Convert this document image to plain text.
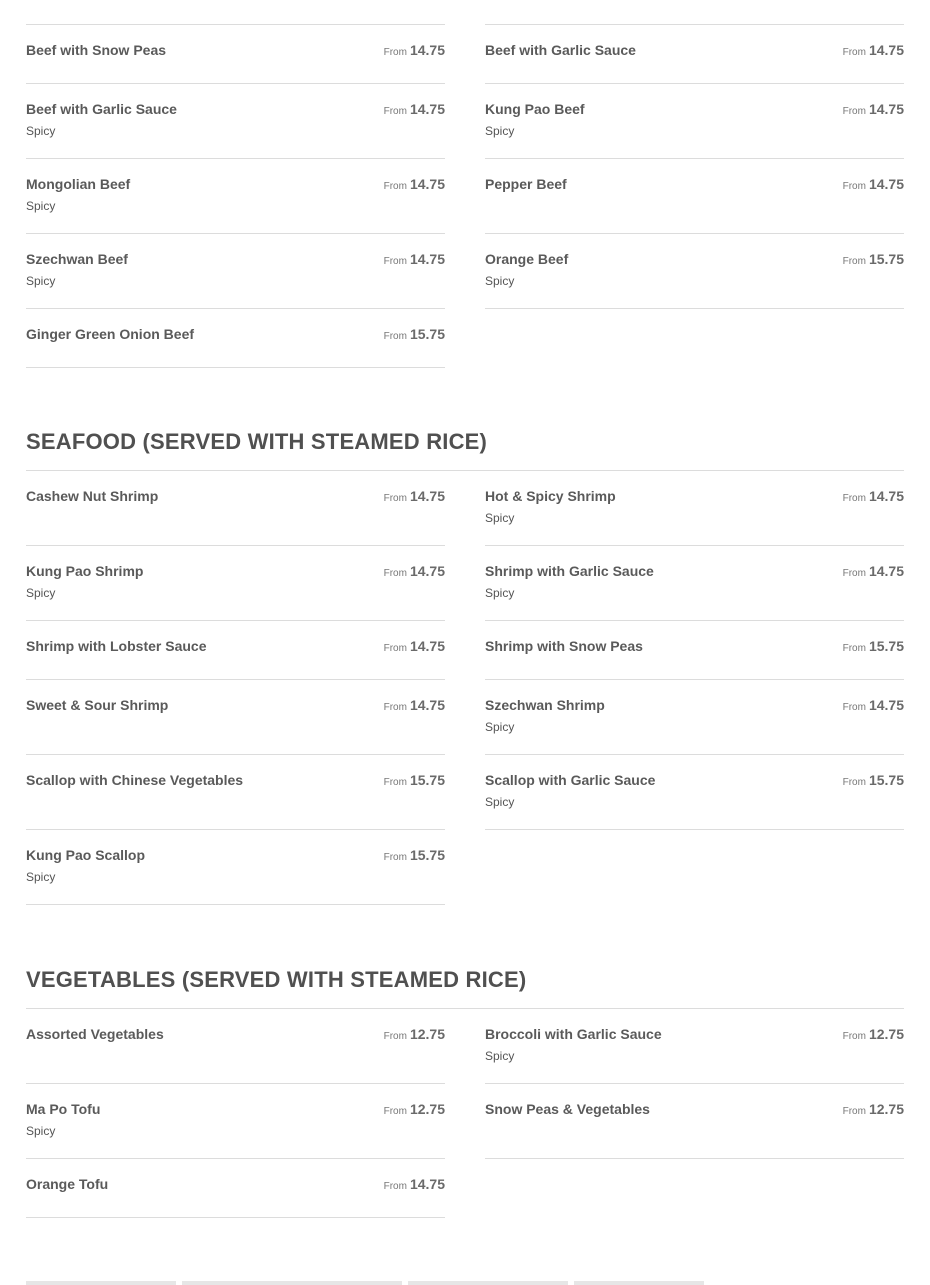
Beef with Snow Peas	From 14.75	Beef with Garlic Sauce	From 14.75
Beef with Garlic Sauce
Spicy
From 14.75	Kung Pao Beef
Spicy
From 14.75
Mongolian Beef
Spicy
From 14.75	Pepper Beef	From 14.75
Szechwan Beef
Spicy
From 14.75	Orange Beef
Spicy
From 15.75
Ginger Green Onion Beef	From 15.75
SEAFOOD (SERVED WITH STEAMED RICE)
Cashew Nut Shrimp	From 14.75	Hot & Spicy Shrimp
Spicy
From 14.75
Kung Pao Shrimp
Spicy
From 14.75	Shrimp with Garlic Sauce
Spicy
From 14.75
Shrimp with Lobster Sauce	From 14.75	Shrimp with Snow Peas	From 15.75
Sweet & Sour Shrimp	From 14.75	Szechwan Shrimp
Spicy
From 14.75
Scallop with Chinese Vegetables	From 15.75	Scallop with Garlic Sauce
Spicy
From 15.75
Kung Pao Scallop
Spicy
From 15.75
VEGETABLES (SERVED WITH STEAMED RICE)
Assorted Vegetables	From 12.75	Broccoli with Garlic Sauce
Spicy
From 12.75
Ma Po Tofu
Spicy
From 12.75	Snow Peas & Vegetables	From 12.75
Orange Tofu	From 14.75
